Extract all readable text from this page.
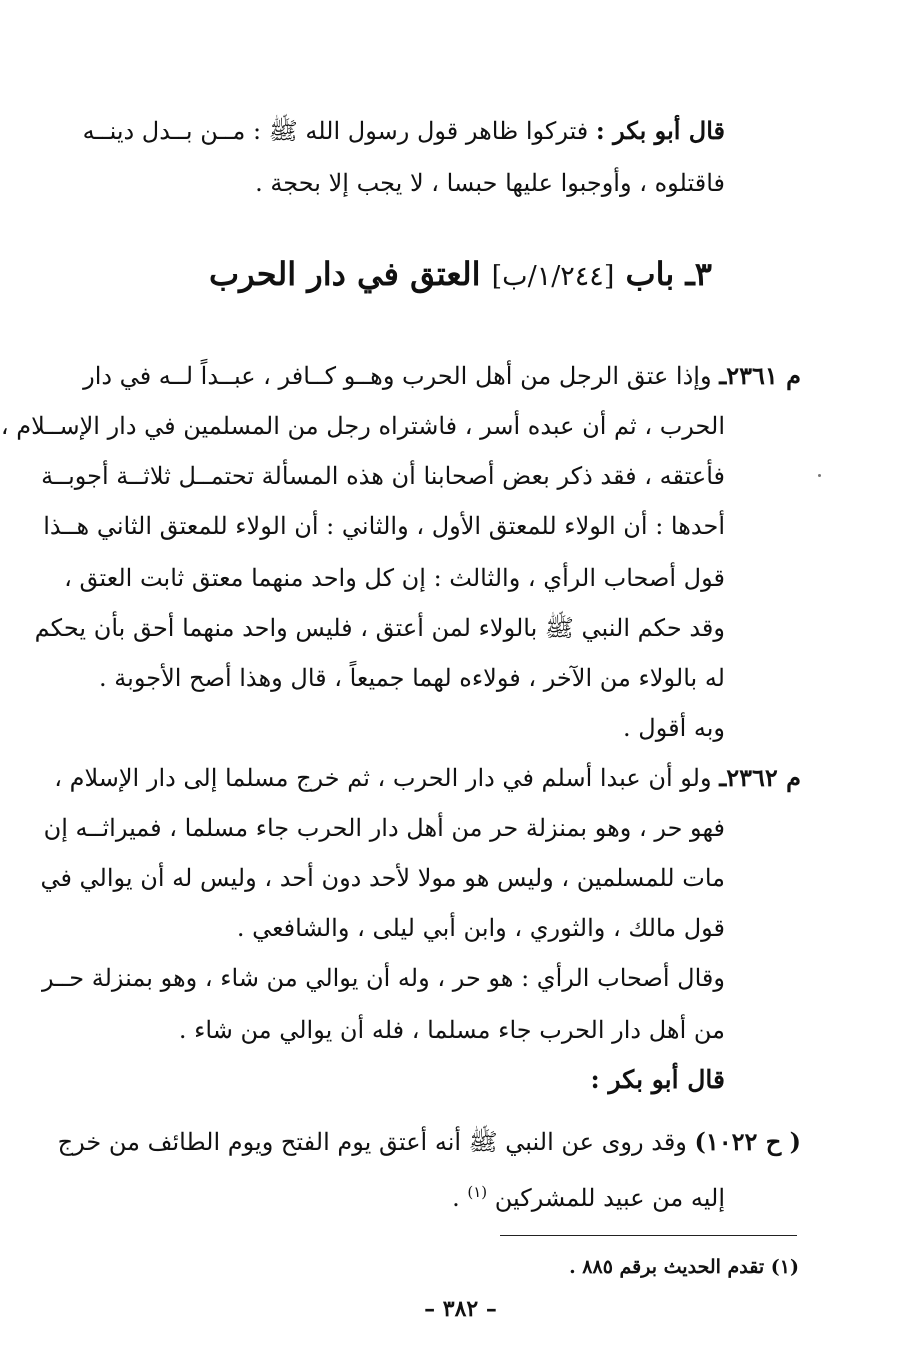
قال أبو بكر : فتركوا ظاهر قول رسول الله ﷺ : مــن بــدل دينــه
فاقتلوه ، وأوجبوا عليها حبسا ، لا يجب إلا بحجة .
٣ـ باب [١/٢٤٤/ب] العتق في دار الحرب
م ٢٣٦١ـ وإذا عتق الرجل من أهل الحرب وهــو كــافر ، عبــداً لــه في دار
الحرب ، ثم أن عبده أسر ، فاشتراه رجل من المسلمين في دار الإســلام ،
فأعتقه ، فقد ذكر بعض أصحابنا أن هذه المسألة تحتمــل ثلاثــة أجوبــة
أحدها : أن الولاء للمعتق الأول ، والثاني : أن الولاء للمعتق الثاني هــذا
قول أصحاب الرأي ، والثالث : إن كل واحد منهما معتق ثابت العتق ،
وقد حكم النبي ﷺ بالولاء لمن أعتق ، فليس واحد منهما أحق بأن يحكم
له بالولاء من الآخر ، فولاءه لهما جميعاً ، قال وهذا أصح الأجوبة .
وبه أقول .
م ٢٣٦٢ـ ولو أن عبدا أسلم في دار الحرب ، ثم خرج مسلما إلى دار الإسلام ،
فهو حر ، وهو بمنزلة حر من أهل دار الحرب جاء مسلما ، فميراثــه إن
مات للمسلمين ، وليس هو مولا لأحد دون أحد ، وليس له أن يوالي في
قول مالك ، والثوري ، وابن أبي ليلى ، والشافعي .
وقال أصحاب الرأي : هو حر ، وله أن يوالي من شاء ، وهو بمنزلة حــر
من أهل دار الحرب جاء مسلما ، فله أن يوالي من شاء .
قال أبو بكر :
( ح ١٠٢٢) وقد روى عن النبي ﷺ أنه أعتق يوم الفتح ويوم الطائف من خرج
إليه من عبيد للمشركين $^{(١)}$ .
(١) تقدم الحديث برقم ٨٨٥ .
– ٣٨٢ –
